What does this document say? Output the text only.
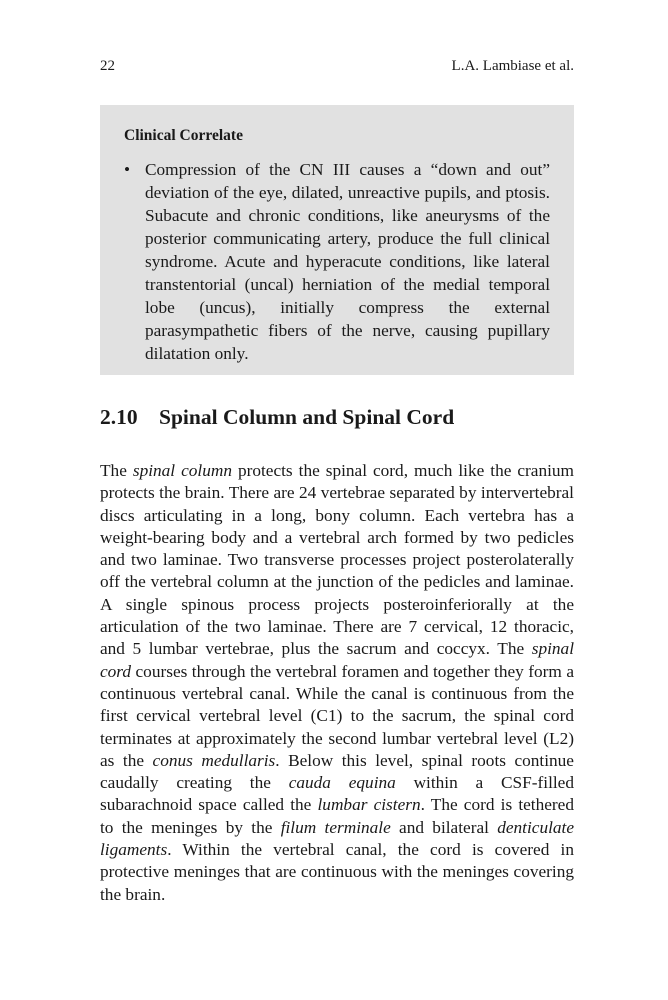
22	L.A. Lambiase et al.

Clinical Correlate

• Compression of the CN III causes a “down and out” deviation of the eye, dilated, unreactive pupils, and ptosis. Subacute and chronic conditions, like aneurysms of the posterior communicating artery, produce the full clinical syndrome. Acute and hyperacute conditions, like lateral transtentorial (uncal) herniation of the medial temporal lobe (uncus), initially compress the external parasympathetic fibers of the nerve, causing pupillary dilatation only.
2.10 Spinal Column and Spinal Cord

The spinal column protects the spinal cord, much like the cranium protects the brain. There are 24 vertebrae separated by intervertebral discs articulating in a long, bony column. Each vertebra has a weight-bearing body and a vertebral arch formed by two pedicles and two laminae. Two transverse processes project posterolaterally off the vertebral column at the junction of the pedicles and laminae. A single spinous process projects posteroinferiorally at the articulation of the two laminae. There are 7 cervical, 12 thoracic, and 5 lumbar vertebrae, plus the sacrum and coccyx. The spinal cord courses through the vertebral foramen and together they form a continuous vertebral canal. While the canal is continuous from the first cervical vertebral level (C1) to the sacrum, the spinal cord terminates at approximately the second lumbar vertebral level (L2) as the conus medullaris. Below this level, spinal roots continue caudally creating the cauda equina within a CSF-filled subarachnoid space called the lumbar cistern. The cord is tethered to the meninges by the filum terminale and bilateral denticulate ligaments. Within the vertebral canal, the cord is covered in protective meninges that are continuous with the meninges covering the brain.
